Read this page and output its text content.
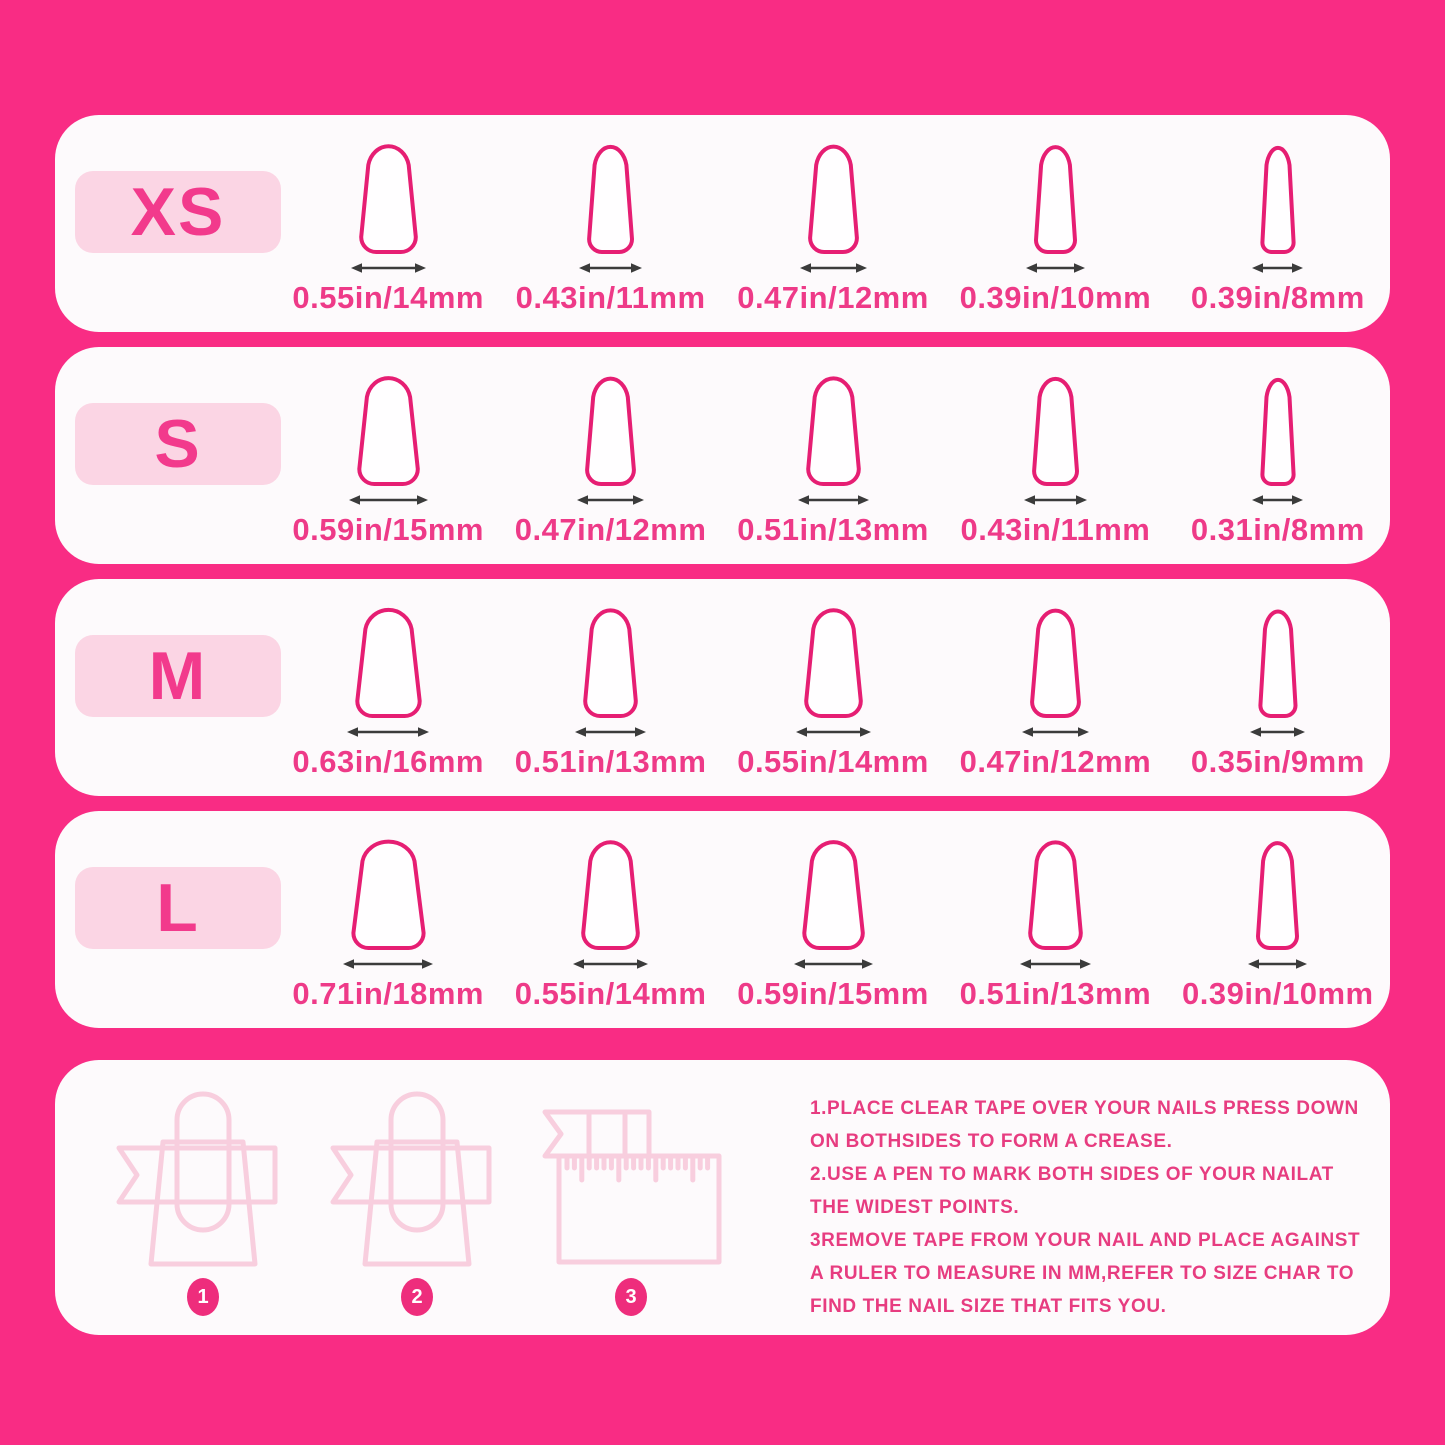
XS
0.55in/14mm 0.43in/11mm 0.47in/12mm 0.39in/10mm 0.39in/8mm
S
0.59in/15mm 0.47in/12mm 0.51in/13mm 0.43in/11mm 0.31in/8mm
M
0.63in/16mm 0.51in/13mm 0.55in/14mm 0.47in/12mm 0.35in/9mm
L
0.71in/18mm 0.55in/14mm 0.59in/15mm 0.51in/13mm 0.39in/10mm
1	2	3

1.PLACE CLEAR TAPE OVER YOUR NAILS PRESS DOWN ON BOTHSIDES TO FORM A CREASE.

2.USE A PEN TO MARK BOTH SIDES OF YOUR NAILAT THE WIDEST POINTS.

3REMOVE TAPE FROM YOUR NAIL AND PLACE AGAINST A RULER TO MEASURE IN MM,REFER TO SIZE CHAR TO FIND THE NAIL SIZE THAT FITS YOU.
